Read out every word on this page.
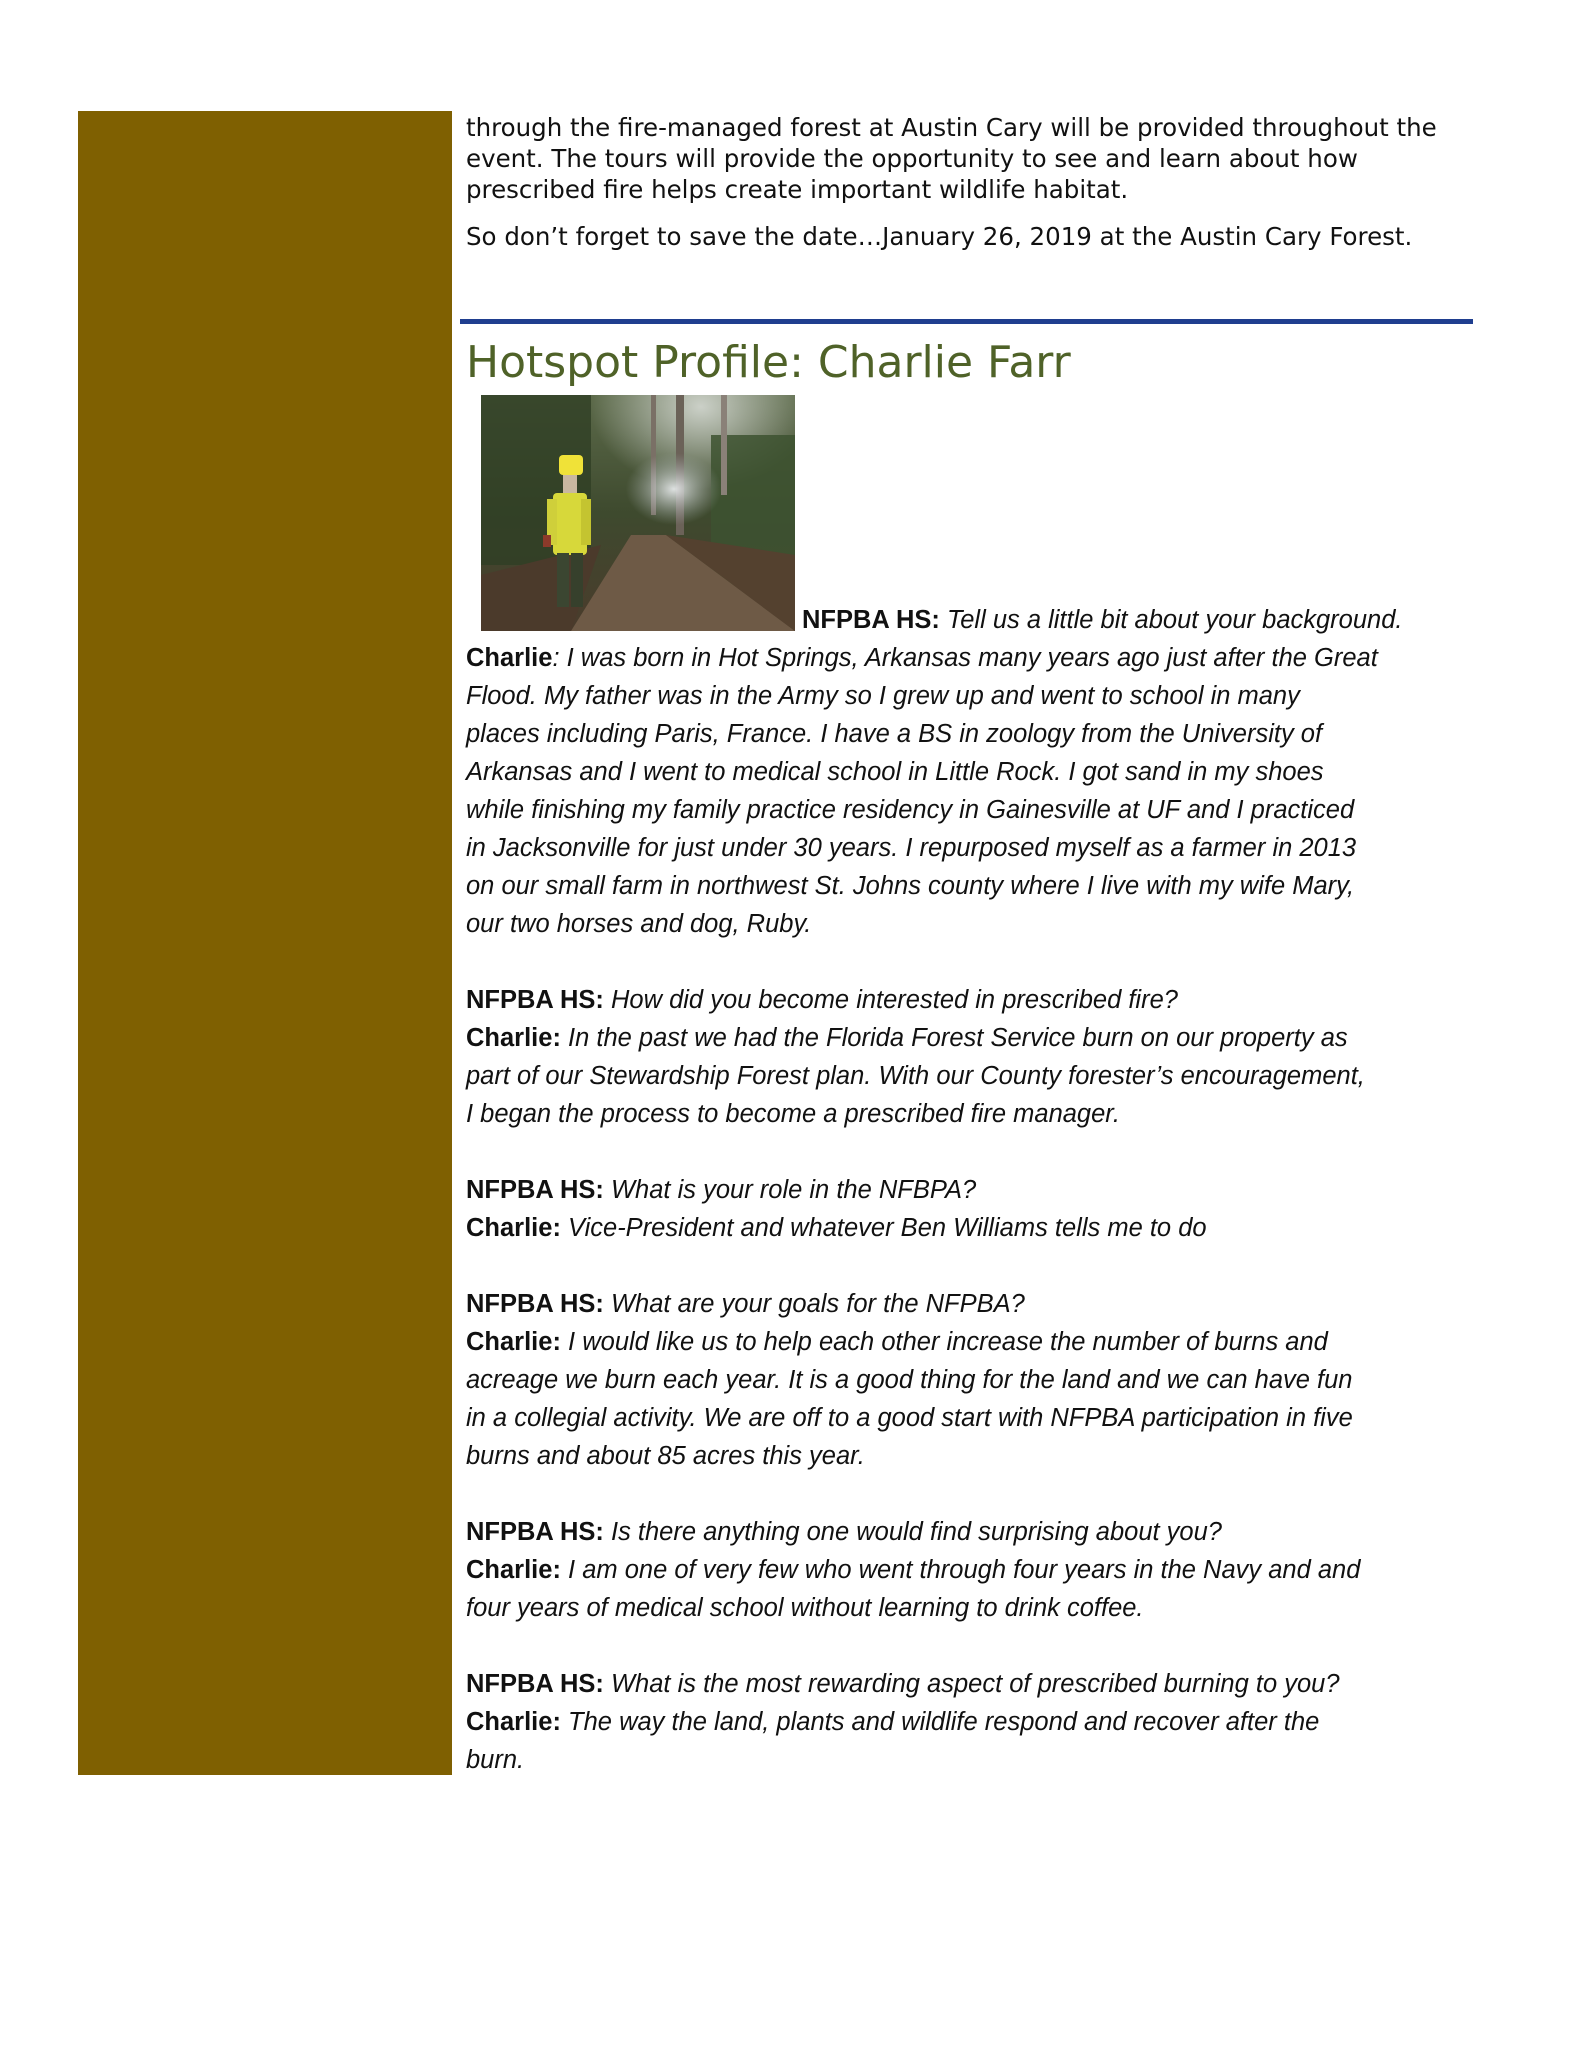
through the fire-managed forest at Austin Cary will be provided throughout the event. The tours will provide the opportunity to see and learn about how prescribed fire helps create important wildlife habitat.

So don’t forget to save the date…January 26, 2019 at the Austin Cary Forest.

Hotspot Profile: Charlie Farr
NFPBA HS: Tell us a little bit about your background.
Charlie: I was born in Hot Springs, Arkansas many years ago just after the Great
Flood. My father was in the Army so I grew up and went to school in many
places including Paris, France. I have a BS in zoology from the University of
Arkansas and I went to medical school in Little Rock. I got sand in my shoes
while finishing my family practice residency in Gainesville at UF and I practiced
in Jacksonville for just under 30 years. I repurposed myself as a farmer in 2013
on our small farm in northwest St. Johns county where I live with my wife Mary,
our two horses and dog, Ruby.
NFPBA HS: How did you become interested in prescribed fire?
Charlie: In the past we had the Florida Forest Service burn on our property as
part of our Stewardship Forest plan. With our County forester’s encouragement,
I began the process to become a prescribed fire manager.
NFPBA HS: What is your role in the NFBPA?
Charlie: Vice-President and whatever Ben Williams tells me to do
NFPBA HS: What are your goals for the NFPBA?
Charlie: I would like us to help each other increase the number of burns and
acreage we burn each year. It is a good thing for the land and we can have fun
in a collegial activity. We are off to a good start with NFPBA participation in five
burns and about 85 acres this year.
NFPBA HS: Is there anything one would find surprising about you?
Charlie: I am one of very few who went through four years in the Navy and and
four years of medical school without learning to drink coffee.
NFPBA HS: What is the most rewarding aspect of prescribed burning to you?
Charlie: The way the land, plants and wildlife respond and recover after the
burn.
